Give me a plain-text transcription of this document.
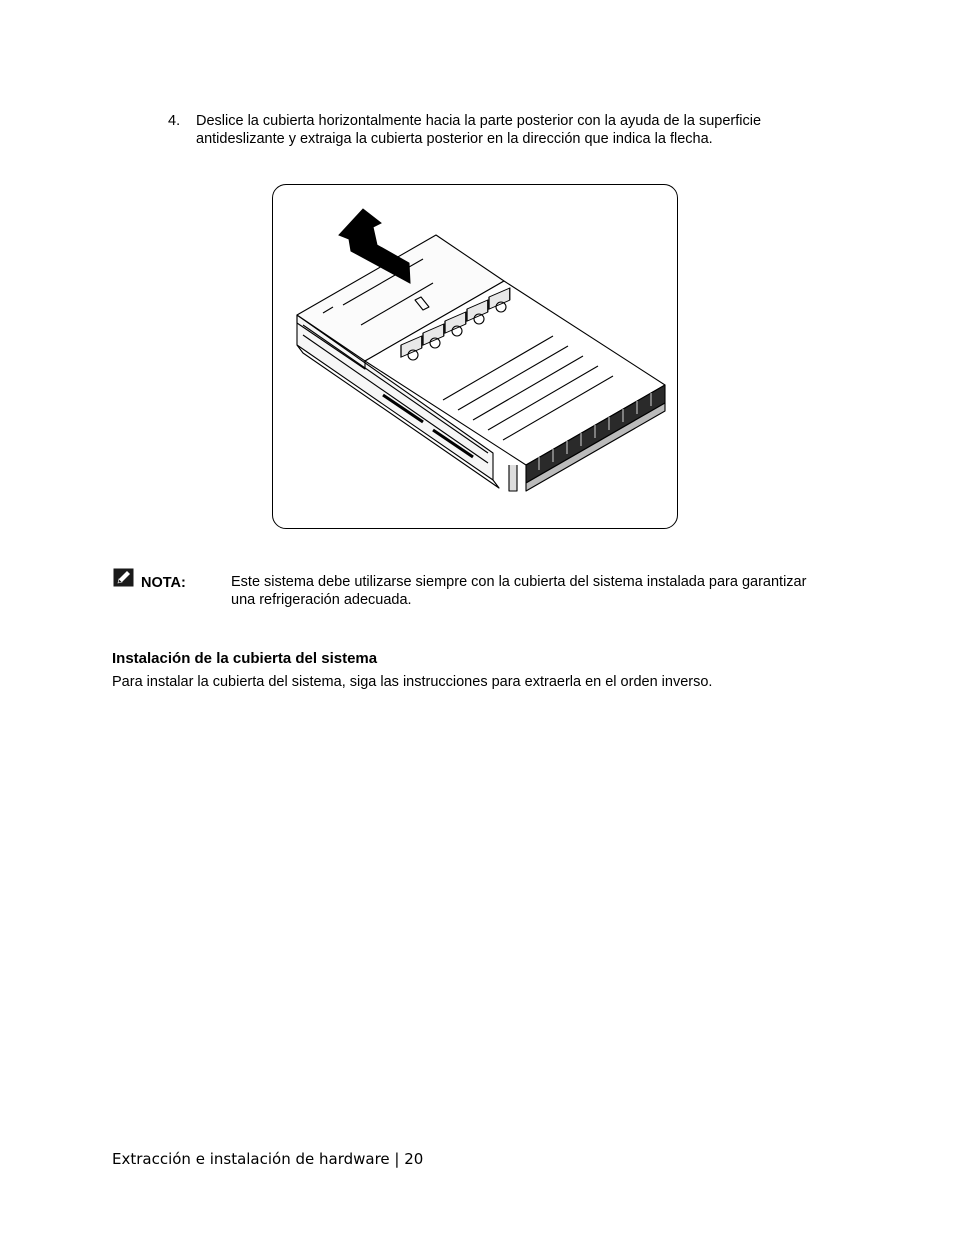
4. Deslice la cubierta horizontalmente hacia la parte posterior con la ayuda de la superficie antideslizante y extraiga la cubierta posterior en la dirección que indica la flecha.
NOTA:	Este sistema debe utilizarse siempre con la cubierta del sistema instalada para garantizar una refrigeración adecuada.
Instalación de la cubierta del sistema
Para instalar la cubierta del sistema, siga las instrucciones para extraerla en el orden inverso.
Extracción e instalación de hardware | 20
